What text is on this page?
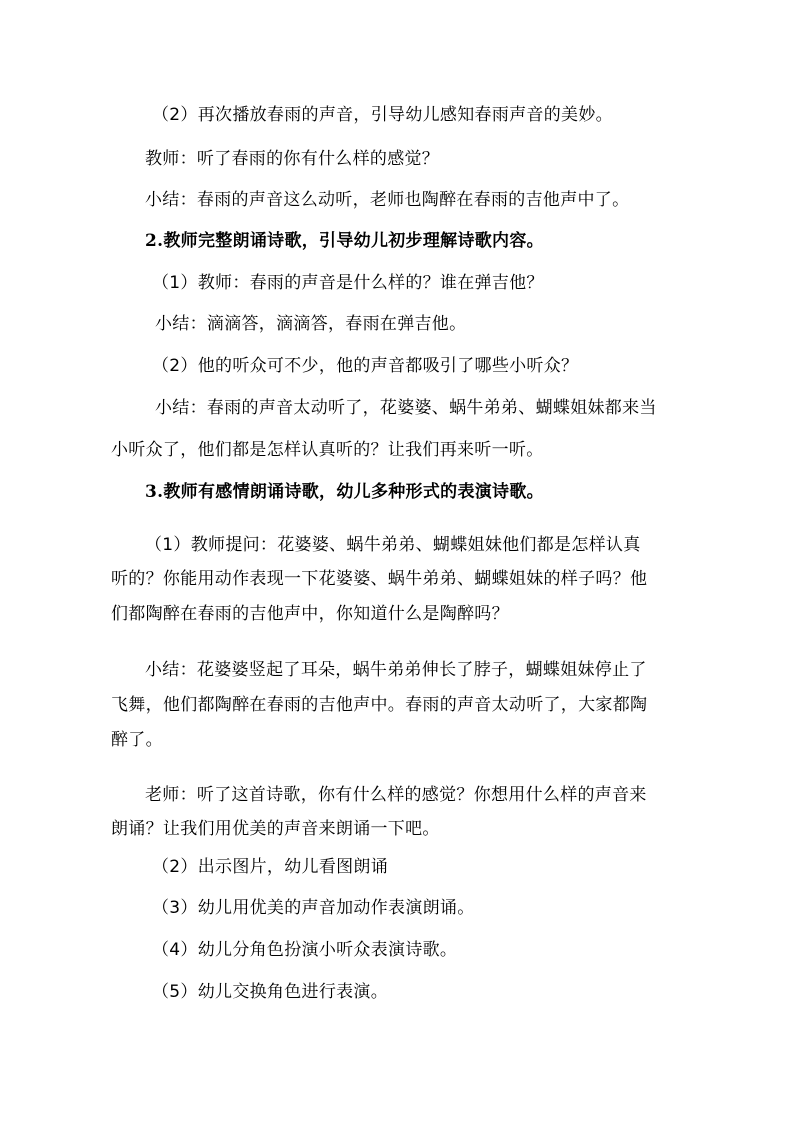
（2）再次播放春雨的声音，引导幼儿感知春雨声音的美妙。
教师：听了春雨的你有什么样的感觉？
小结：春雨的声音这么动听，老师也陶醉在春雨的吉他声中了。
2.教师完整朗诵诗歌，引导幼儿初步理解诗歌内容。
（1）教师：春雨的声音是什么样的？谁在弹吉他？
小结：滴滴答，滴滴答，春雨在弹吉他。
（2）他的听众可不少，他的声音都吸引了哪些小听众？
小结：春雨的声音太动听了，花婆婆、蜗牛弟弟、蝴蝶姐妹都来当
小听众了，他们都是怎样认真听的？让我们再来听一听。
3.教师有感情朗诵诗歌，幼儿多种形式的表演诗歌。
（1）教师提问：花婆婆、蜗牛弟弟、蝴蝶姐妹他们都是怎样认真
听的？你能用动作表现一下花婆婆、蜗牛弟弟、蝴蝶姐妹的样子吗？他
们都陶醉在春雨的吉他声中，你知道什么是陶醉吗？
小结：花婆婆竖起了耳朵，蜗牛弟弟伸长了脖子，蝴蝶姐妹停止了
飞舞，他们都陶醉在春雨的吉他声中。春雨的声音太动听了，大家都陶
醉了。
老师：听了这首诗歌，你有什么样的感觉？你想用什么样的声音来
朗诵？让我们用优美的声音来朗诵一下吧。
（2）出示图片，幼儿看图朗诵
（3）幼儿用优美的声音加动作表演朗诵。
（4）幼儿分角色扮演小听众表演诗歌。
（5）幼儿交换角色进行表演。
